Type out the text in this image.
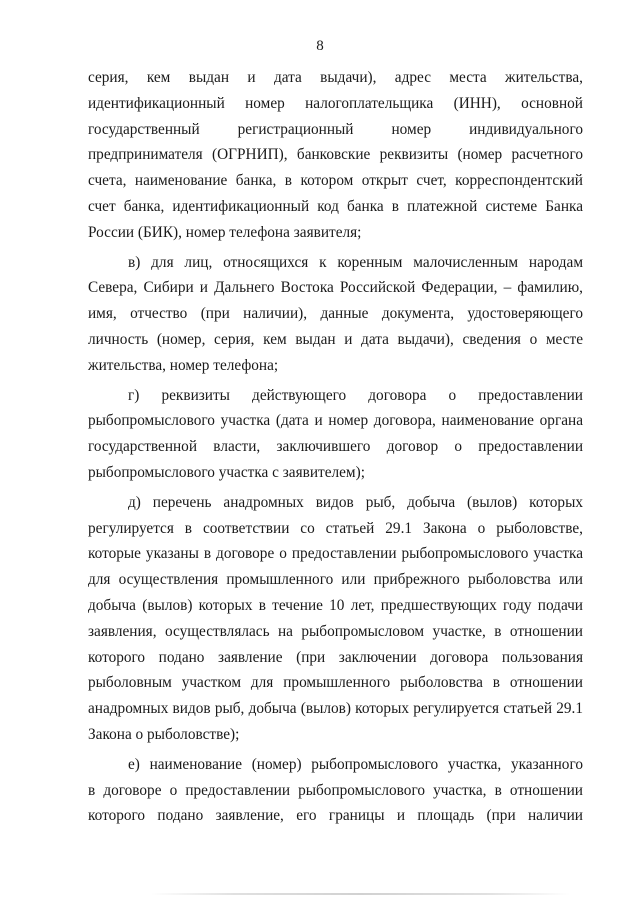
8

серия, кем выдан и дата выдачи), адрес места жительства,
идентификационный номер налогоплательщика (ИНН), основной
государственный регистрационный номер индивидуального
предпринимателя (ОГРНИП), банковские реквизиты (номер расчетного
счета, наименование банка, в котором открыт счет, корреспондентский
счет банка, идентификационный код банка в платежной системе Банка
России (БИК), номер телефона заявителя;

в) для лиц, относящихся к коренным малочисленным народам
Севера, Сибири и Дальнего Востока Российской Федерации, – фамилию,
имя, отчество (при наличии), данные документа, удостоверяющего
личность (номер, серия, кем выдан и дата выдачи), сведения о месте
жительства, номер телефона;

г) реквизиты действующего договора о предоставлении
рыбопромыслового участка (дата и номер договора, наименование органа
государственной власти, заключившего договор о предоставлении
рыбопромыслового участка с заявителем);

д) перечень анадромных видов рыб, добыча (вылов) которых
регулируется в соответствии со статьей 29.1 Закона о рыболовстве,
которые указаны в договоре о предоставлении рыбопромыслового участка
для осуществления промышленного или прибрежного рыболовства или
добыча (вылов) которых в течение 10 лет, предшествующих году подачи
заявления, осуществлялась на рыбопромысловом участке, в отношении
которого подано заявление (при заключении договора пользования
рыболовным участком для промышленного рыболовства в отношении
анадромных видов рыб, добыча (вылов) которых регулируется статьей 29.1
Закона о рыболовстве);

е) наименование (номер) рыбопромыслового участка, указанного
в договоре о предоставлении рыбопромыслового участка, в отношении
которого подано заявление, его границы и площадь (при наличии
